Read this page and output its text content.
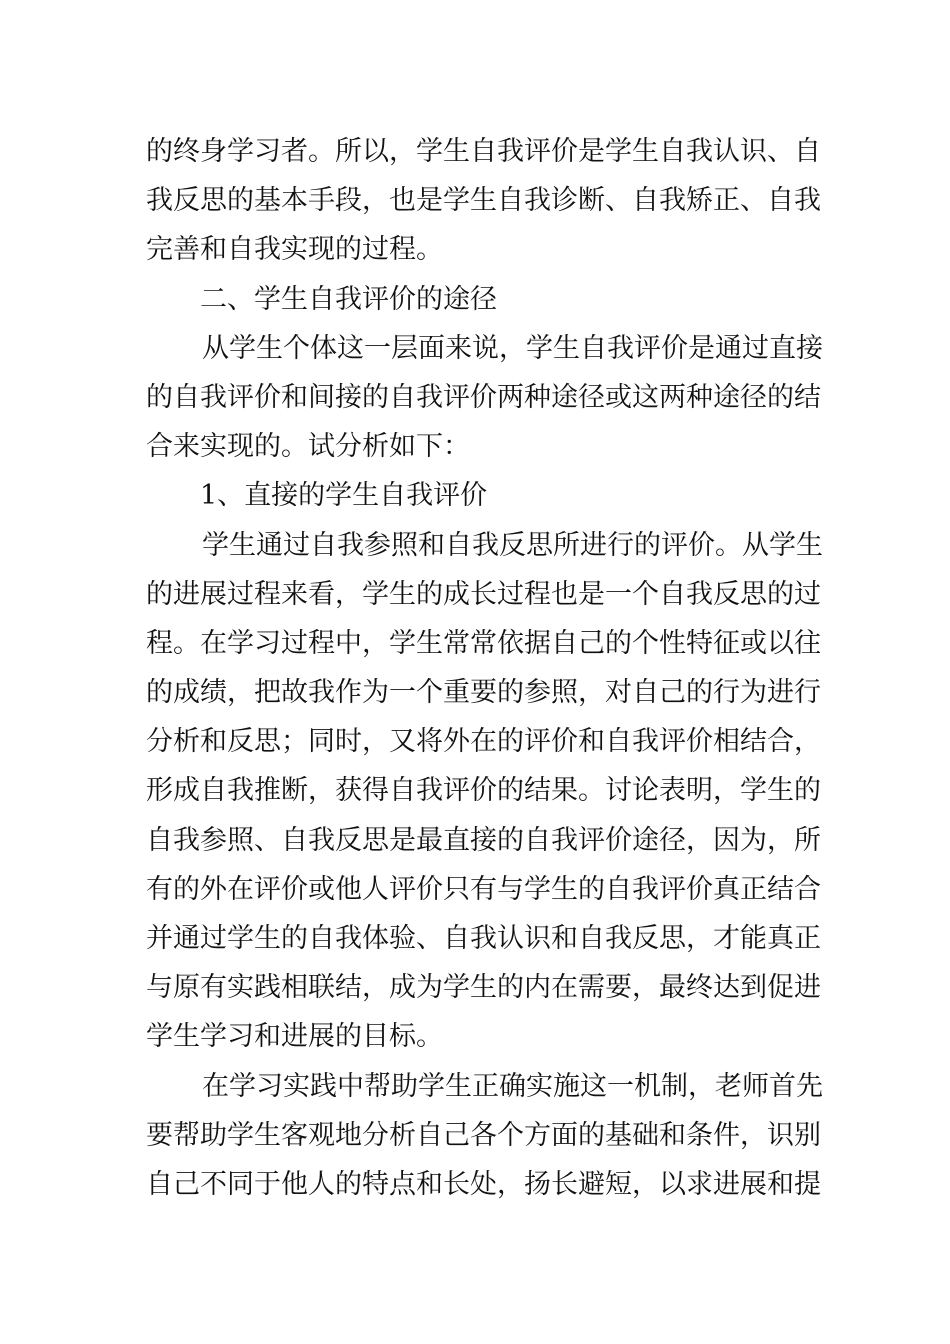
的终身学习者。所以，学生自我评价是学生自我认识、自
我反思的基本手段，也是学生自我诊断、自我矫正、自我
完善和自我实现的过程。
二、学生自我评价的途径
从学生个体这一层面来说，学生自我评价是通过直接
的自我评价和间接的自我评价两种途径或这两种途径的结
合来实现的。试分析如下：
1、直接的学生自我评价
学生通过自我参照和自我反思所进行的评价。从学生
的进展过程来看，学生的成长过程也是一个自我反思的过
程。在学习过程中，学生常常依据自己的个性特征或以往
的成绩，把故我作为一个重要的参照，对自己的行为进行
分析和反思；同时，又将外在的评价和自我评价相结合，
形成自我推断，获得自我评价的结果。讨论表明，学生的
自我参照、自我反思是最直接的自我评价途径，因为，所
有的外在评价或他人评价只有与学生的自我评价真正结合
并通过学生的自我体验、自我认识和自我反思，才能真正
与原有实践相联结，成为学生的内在需要，最终达到促进
学生学习和进展的目标。
在学习实践中帮助学生正确实施这一机制，老师首先
要帮助学生客观地分析自己各个方面的基础和条件，识别
自己不同于他人的特点和长处，扬长避短，以求进展和提
